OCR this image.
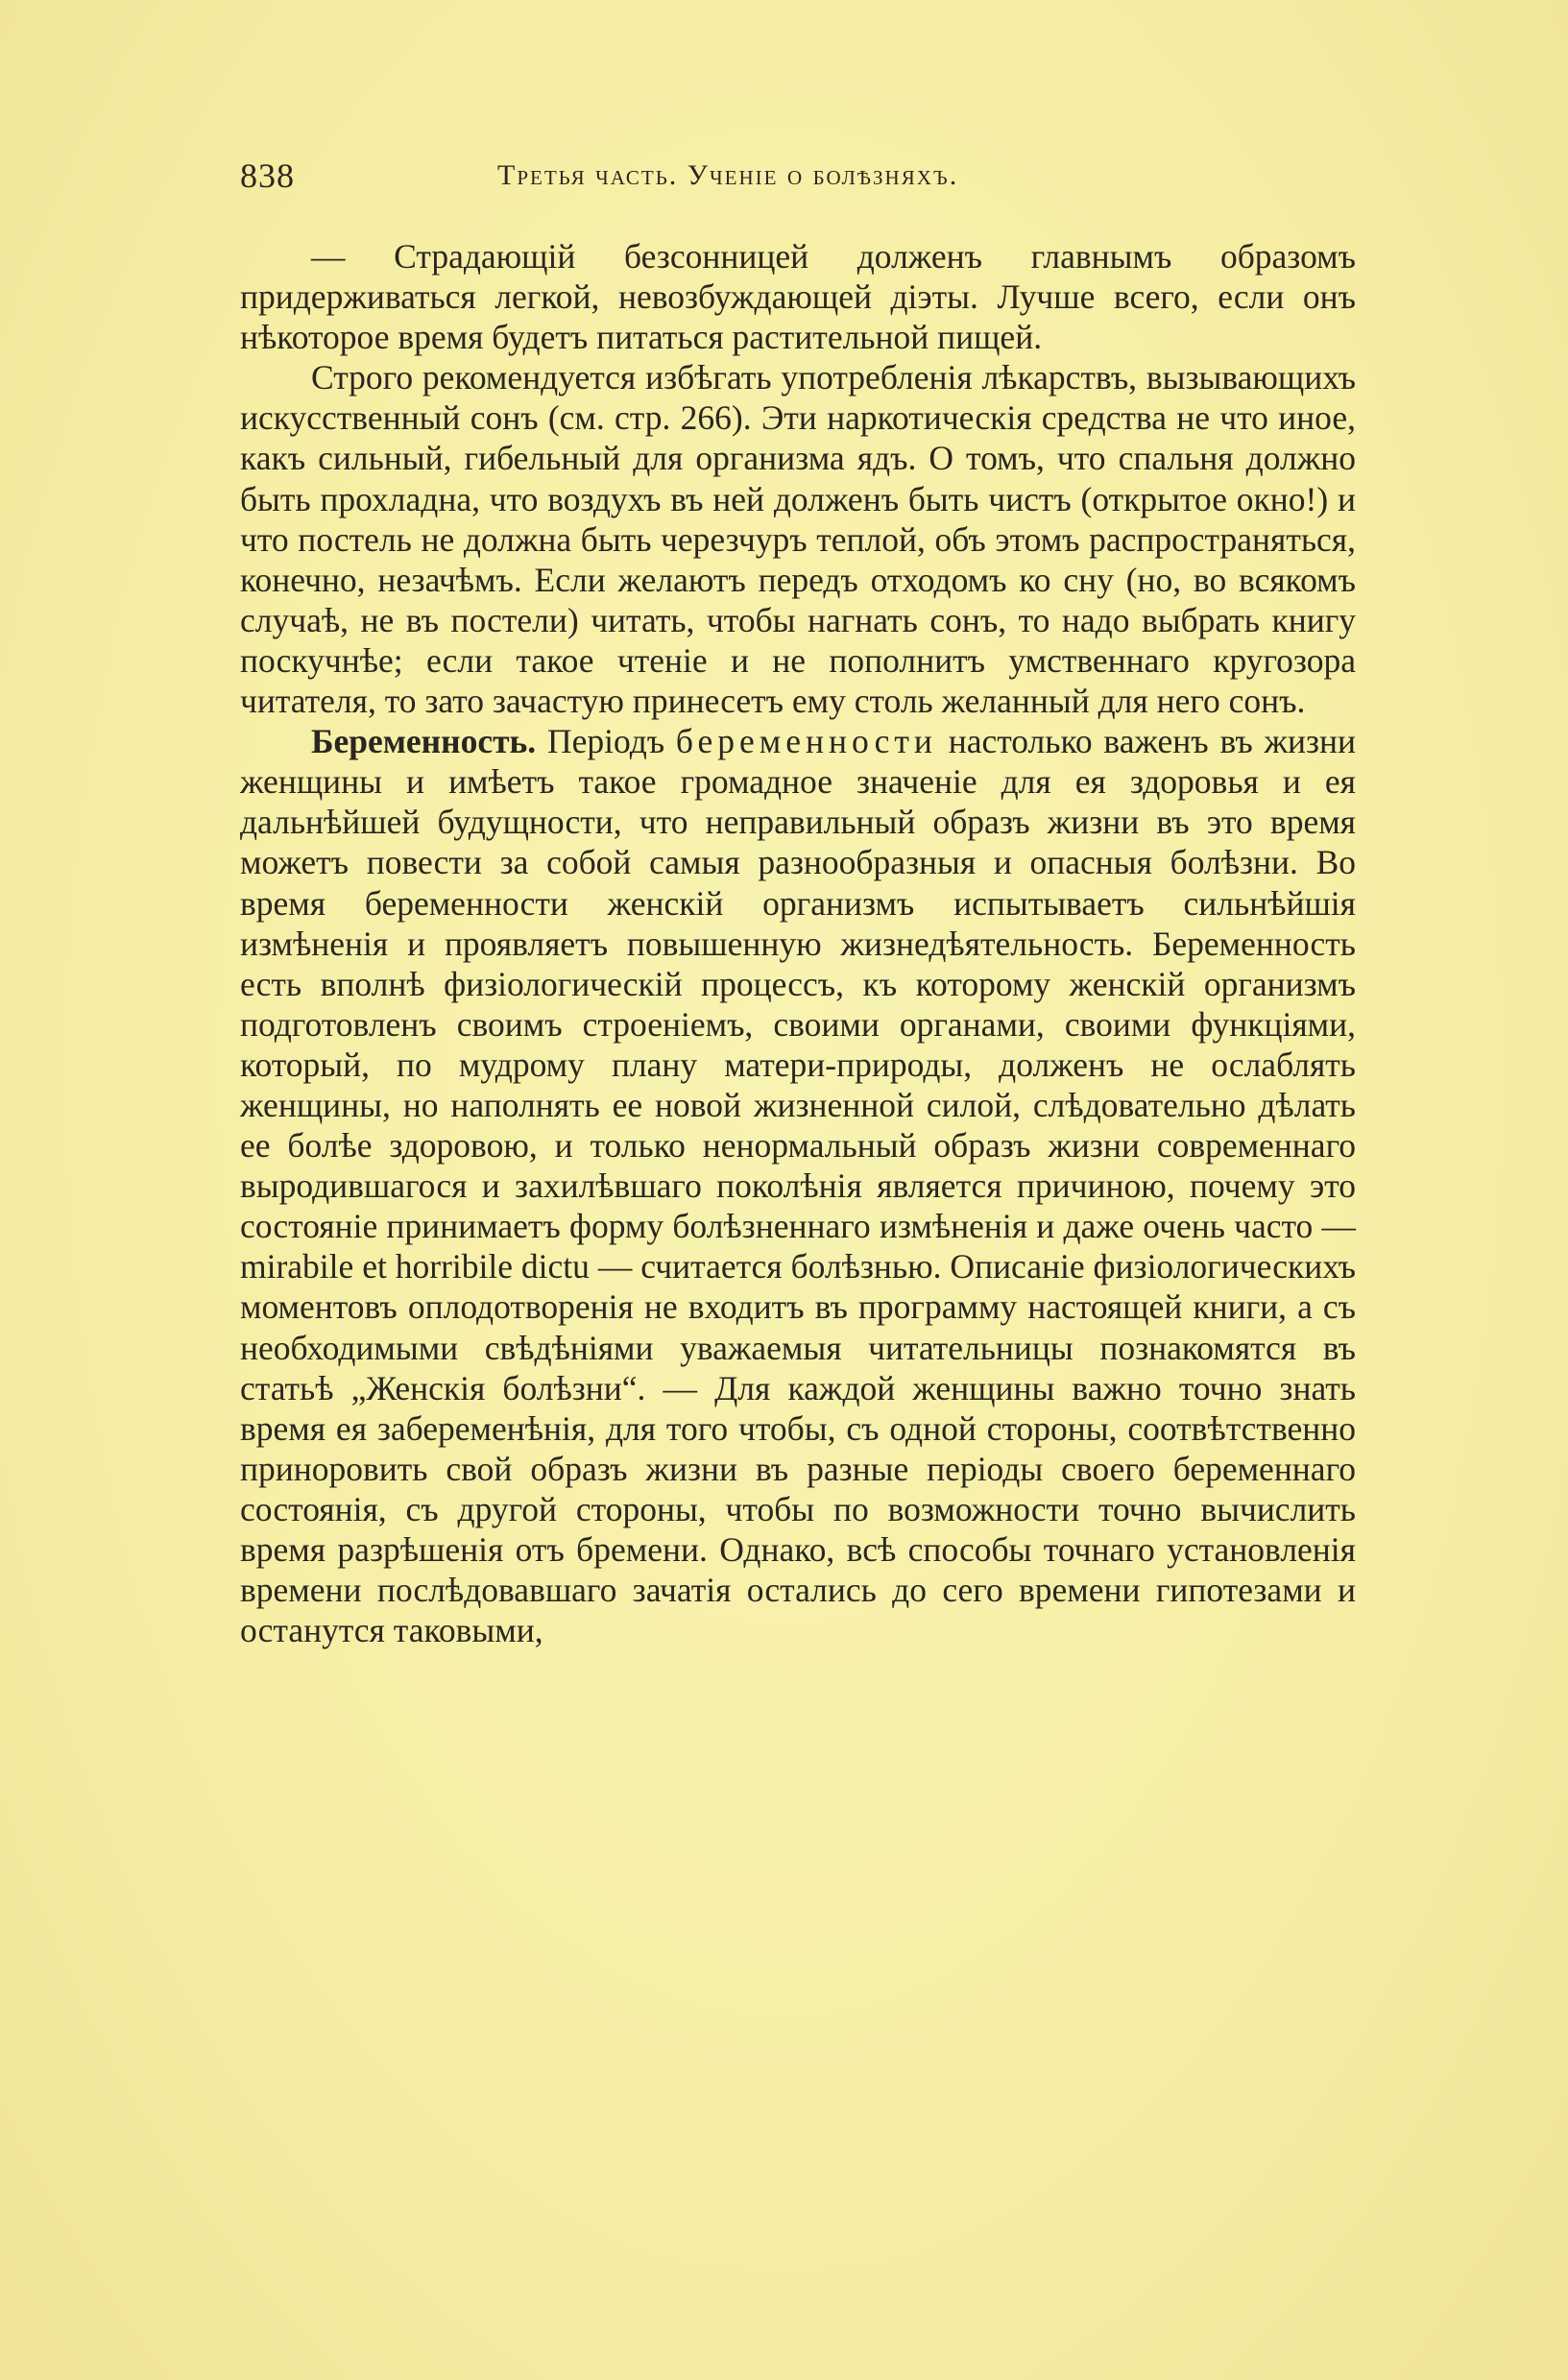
838	Третья часть. Ученіе о болѣзняхъ.

— Страдающій безсонницей долженъ главнымъ образомъ придерживаться легкой, невозбуждающей діэты. Лучше всего, если онъ нѣкоторое время будетъ питаться растительной пищей.

Строго рекомендуется избѣгать употребленія лѣкарствъ, вызывающихъ искусственный сонъ (см. стр. 266). Эти наркотическія средства не что иное, какъ сильный, гибельный для организма ядъ. О томъ, что спальня должно быть прохладна, что воздухъ въ ней долженъ быть чистъ (открытое окно!) и что постель не должна быть черезчуръ теплой, объ этомъ распространяться, конечно, незачѣмъ. Если желаютъ передъ отходомъ ко сну (но, во всякомъ случаѣ, не въ постели) читать, чтобы нагнать сонъ, то надо выбрать книгу поскучнѣе; если такое чтеніе и не пополнитъ умственнаго кругозора читателя, то зато зачастую принесетъ ему столь желанный для него сонъ.

Беременность. Періодъ беременности настолько важенъ въ жизни женщины и имѣетъ такое громадное значеніе для ея здоровья и ея дальнѣйшей будущности, что неправильный образъ жизни въ это время можетъ повести за собой самыя разнообразныя и опасныя болѣзни. Во время беременности женскій организмъ испытываетъ сильнѣйшія измѣненія и проявляетъ повышенную жизнедѣятельность. Беременность есть вполнѣ физіологическій процессъ, къ которому женскій организмъ подготовленъ своимъ строеніемъ, своими органами, своими функціями, который, по мудрому плану матери-природы, долженъ не ослаблять женщины, но наполнять ее новой жизненной силой, слѣдовательно дѣлать ее болѣе здоровою, и только ненормальный образъ жизни современнаго выродившагося и захилѣвшаго поколѣнія является причиною, почему это состояніе принимаетъ форму болѣзненнаго измѣненія и даже очень часто — mirabile et horribile dictu — считается болѣзнью. Описаніе физіологическихъ моментовъ оплодотворенія не входитъ въ программу настоящей книги, а съ необходимыми свѣдѣніями уважаемыя читательницы познакомятся въ статьѣ „Женскія болѣзни“. — Для каждой женщины важно точно знать время ея забеременѣнія, для того чтобы, съ одной стороны, соотвѣтственно приноровить свой образъ жизни въ разные періоды своего беременнаго состоянія, съ другой стороны, чтобы по возможности точно вычислить время разрѣшенія отъ бремени. Однако, всѣ способы точнаго установленія времени послѣдовавшаго зачатія остались до сего времени гипотезами и останутся таковыми,
